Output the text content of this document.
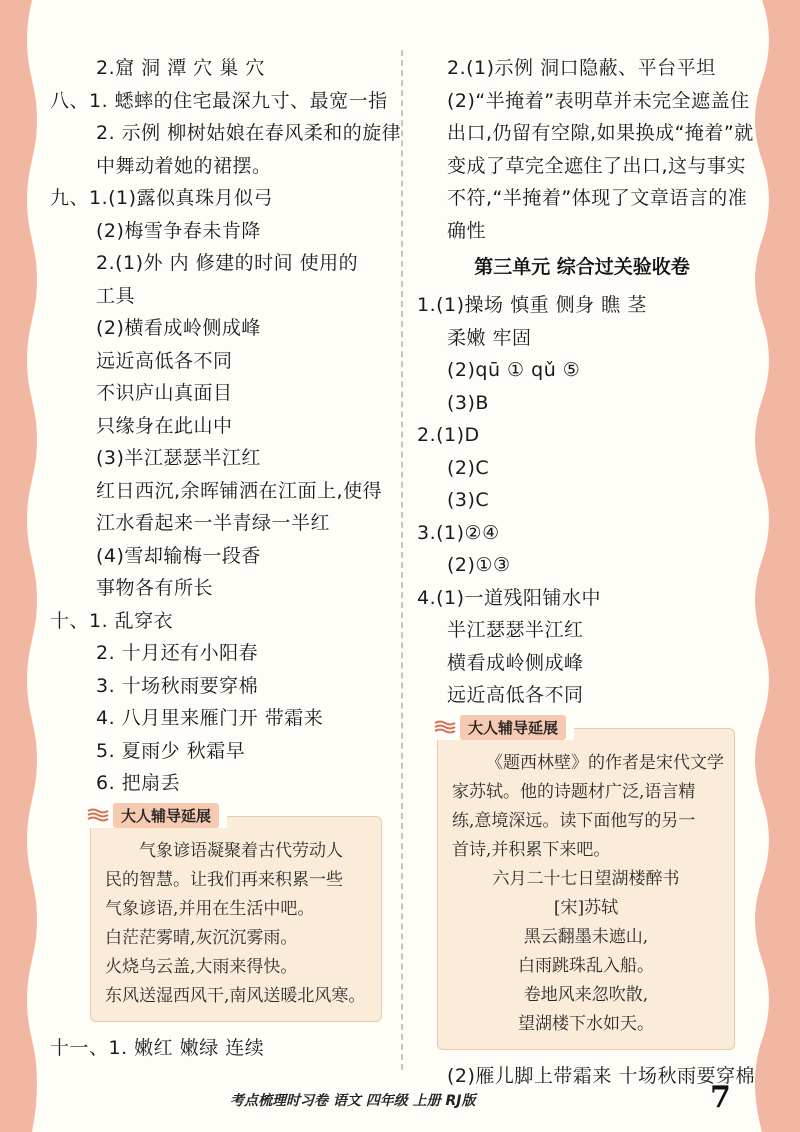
2.窟 洞 潭 穴 巢 穴
八、1. 蟋蟀的住宅最深九寸、最宽一指
2. 示例 柳树姑娘在春风柔和的旋律
中舞动着她的裙摆。
九、1.(1)露似真珠月似弓
(2)梅雪争春未肯降
2.(1)外 内 修建的时间 使用的
工具
(2)横看成岭侧成峰
远近高低各不同
不识庐山真面目
只缘身在此山中
(3)半江瑟瑟半江红
红日西沉,余晖铺洒在江面上,使得
江水看起来一半青绿一半红
(4)雪却输梅一段香
事物各有所长
十、1. 乱穿衣
2. 十月还有小阳春
3. 十场秋雨要穿棉
4. 八月里来雁门开 带霜来
5. 夏雨少 秋霜早
6. 把扇丢
大人辅导延展
气象谚语凝聚着古代劳动人
民的智慧。让我们再来积累一些
气象谚语,并用在生活中吧。
白茫茫雾晴,灰沉沉雾雨。
火烧乌云盖,大雨来得快。
东风送湿西风干,南风送暖北风寒。
十一、1. 嫩红 嫩绿 连续
2.(1)示例 洞口隐蔽、平台平坦
(2)“半掩着”表明草并未完全遮盖住
出口,仍留有空隙,如果换成“掩着”就
变成了草完全遮住了出口,这与事实
不符,“半掩着”体现了文章语言的准
确性
第三单元 综合过关验收卷
1.(1)操场 慎重 侧身 瞧 茎
柔嫩 牢固
(2)qū ① qǔ ⑤
(3)B
2.(1)D
(2)C
(3)C
3.(1)②④
(2)①③
4.(1)一道残阳铺水中
半江瑟瑟半江红
横看成岭侧成峰
远近高低各不同
大人辅导延展
《题西林壁》的作者是宋代文学
家苏轼。他的诗题材广泛,语言精
练,意境深远。读下面他写的另一
首诗,并积累下来吧。
六月二十七日望湖楼醉书
[宋]苏轼
黑云翻墨未遮山,
白雨跳珠乱入船。
卷地风来忽吹散,
望湖楼下水如天。
(2)雁儿脚上带霜来 十场秋雨要穿棉
考点梳理时习卷 语文 四年级 上册 RJ版	7
